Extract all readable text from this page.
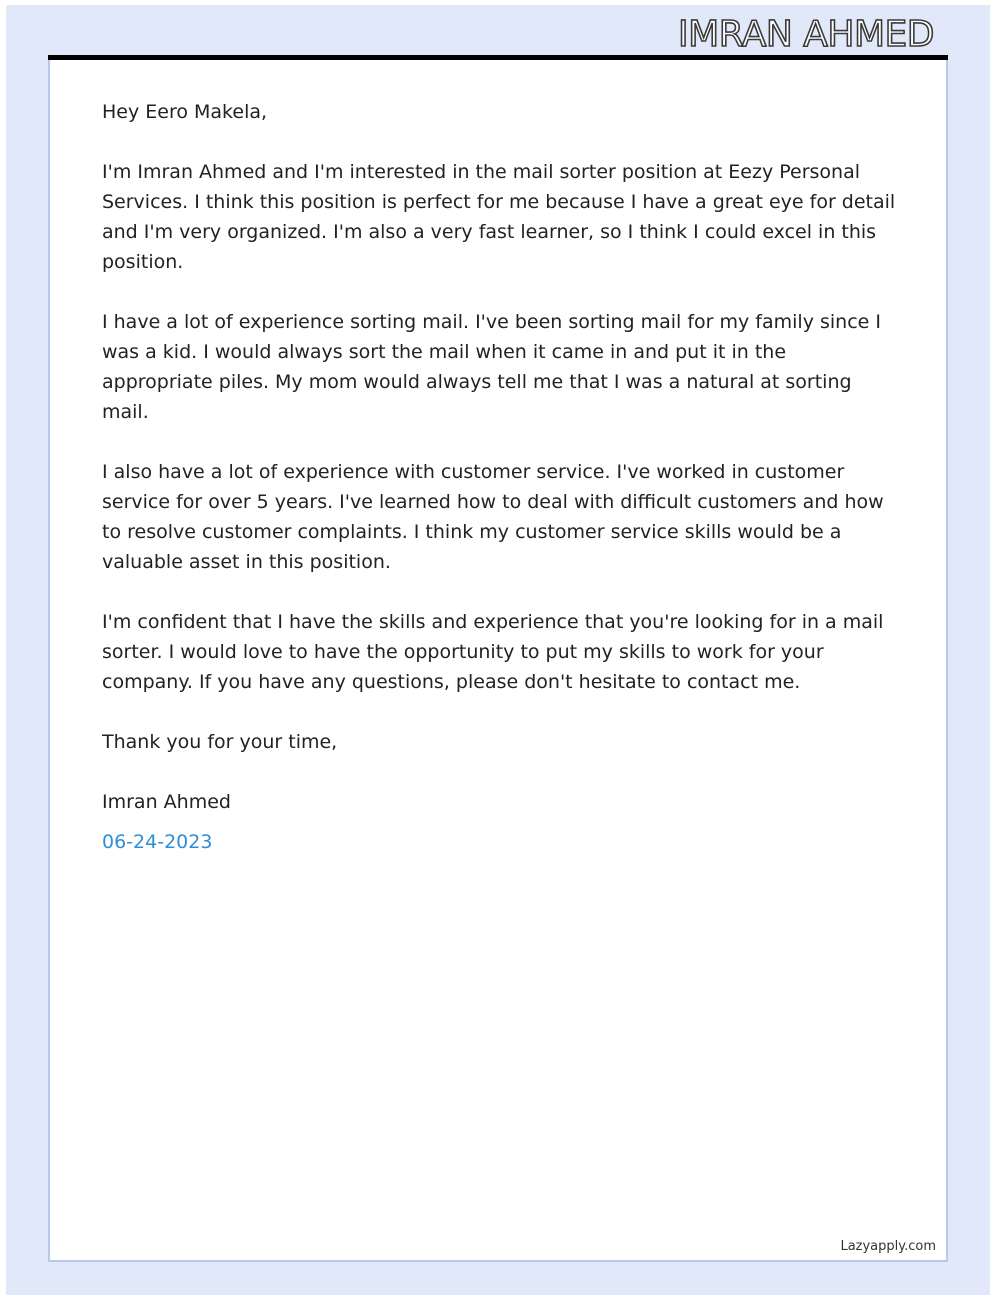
IMRAN AHMED

Hey Eero Makela,

I'm Imran Ahmed and I'm interested in the mail sorter position at Eezy Personal Services. I think this position is perfect for me because I have a great eye for detail and I'm very organized. I'm also a very fast learner, so I think I could excel in this position.

I have a lot of experience sorting mail. I've been sorting mail for my family since I was a kid. I would always sort the mail when it came in and put it in the appropriate piles. My mom would always tell me that I was a natural at sorting mail.

I also have a lot of experience with customer service. I've worked in customer service for over 5 years. I've learned how to deal with difficult customers and how to resolve customer complaints. I think my customer service skills would be a valuable asset in this position.

I'm confident that I have the skills and experience that you're looking for in a mail sorter. I would love to have the opportunity to put my skills to work for your company. If you have any questions, please don't hesitate to contact me.

Thank you for your time,

Imran Ahmed

06-24-2023

Lazyapply.com
